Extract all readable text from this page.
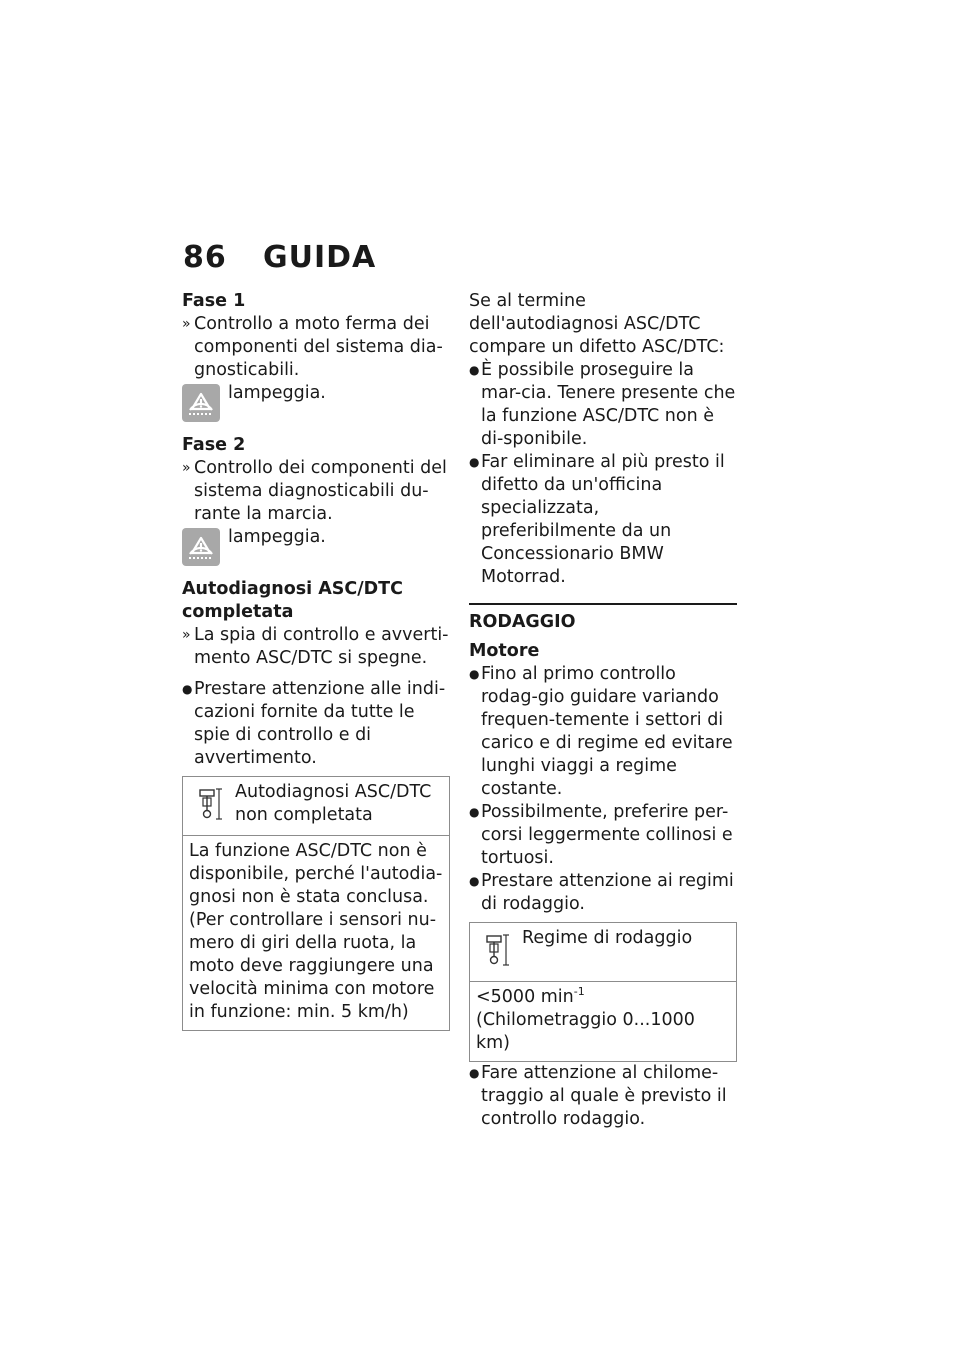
86 GUIDA
Fase 1
» Controllo a moto ferma dei componenti del sistema dia-gnosticabili.
lampeggia.
Fase 2
» Controllo dei componenti del sistema diagnosticabili du-rante la marcia.
lampeggia.
Autodiagnosi ASC/DTC completata
» La spia di controllo e avverti-mento ASC/DTC si spegne.
● Prestare attenzione alle indi-cazioni fornite da tutte le spie di controllo e di avvertimento.
Autodiagnosi ASC/DTC non completata
La funzione ASC/DTC non è disponibile, perché l'autodia-gnosi non è stata conclusa. (Per controllare i sensori nu-mero di giri della ruota, la moto deve raggiungere una velocità minima con motore in funzione: min. 5 km/h)

Se al termine dell'autodiagnosi ASC/DTC compare un difetto ASC/DTC:

● È possibile proseguire la mar-cia. Tenere presente che la funzione ASC/DTC non è di-sponibile.
● Far eliminare al più presto il difetto da un'officina specializzata, preferibilmente da un Concessionario BMW Motorrad.
RODAGGIO
Motore
● Fino al primo controllo rodag-gio guidare variando frequen-temente i settori di carico e di regime ed evitare lunghi viaggi a regime costante.
● Possibilmente, preferire per-corsi leggermente collinosi e tortuosi.
● Prestare attenzione ai regimi di rodaggio.
Regime di rodaggio
<5000 $\min^{-1}$ (Chilometraggio 0...1000 km)
● Fare attenzione al chilome-traggio al quale è previsto il controllo rodaggio.
